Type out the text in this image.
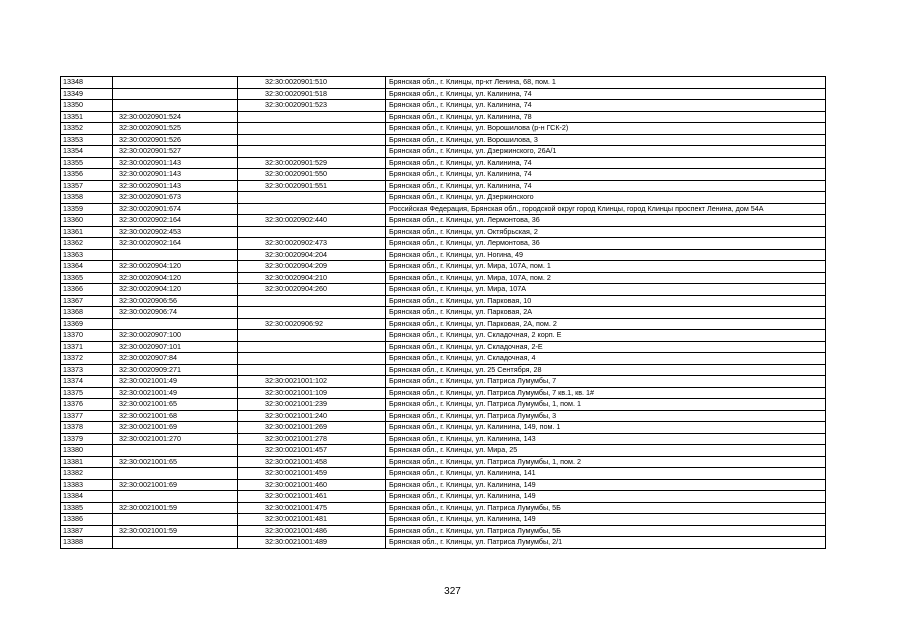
13348		32:30:0020901:510	Брянская обл., г. Клинцы, пр-кт Ленина, 68, пом. 1
13349		32:30:0020901:518	Брянская обл., г. Клинцы, ул. Калинина, 74
13350		32:30:0020901:523	Брянская обл., г. Клинцы, ул. Калинина, 74
13351	32:30:0020901:524		Брянская обл., г. Клинцы, ул. Калинина, 78
13352	32:30:0020901:525		Брянская обл., г. Клинцы, ул. Ворошилова (р-н ГСК-2)
13353	32:30:0020901:526		Брянская обл., г. Клинцы, ул. Ворошилова, 3
13354	32:30:0020901:527		Брянская обл., г. Клинцы, ул. Дзержинского, 26А/1
13355	32:30:0020901:143	32:30:0020901:529	Брянская обл., г. Клинцы, ул. Калинина, 74
13356	32:30:0020901:143	32:30:0020901:550	Брянская обл., г. Клинцы, ул. Калинина, 74
13357	32:30:0020901:143	32:30:0020901:551	Брянская обл., г. Клинцы, ул. Калинина, 74
13358	32:30:0020901:673		Брянская обл., г. Клинцы, ул. Дзержинского
13359	32:30:0020901:674		Российская Федерация, Брянская обл., городской округ город Клинцы, город Клинцы проспект Ленина, дом 54А
13360	32:30:0020902:164	32:30:0020902:440	Брянская обл., г. Клинцы, ул. Лермонтова, 36
13361	32:30:0020902:453		Брянская обл., г. Клинцы, ул. Октябрьская, 2
13362	32:30:0020902:164	32:30:0020902:473	Брянская обл., г. Клинцы, ул. Лермонтова, 36
13363		32:30:0020904:204	Брянская обл., г. Клинцы, ул. Ногина, 49
13364	32:30:0020904:120	32:30:0020904:209	Брянская обл., г. Клинцы, ул. Мира, 107А, пом. 1
13365	32:30:0020904:120	32:30:0020904:210	Брянская обл., г. Клинцы, ул. Мира, 107А, пом. 2
13366	32:30:0020904:120	32:30:0020904:260	Брянская обл., г. Клинцы, ул. Мира, 107А
13367	32:30:0020906:56		Брянская обл., г. Клинцы, ул. Парковая, 10
13368	32:30:0020906:74		Брянская обл., г. Клинцы, ул. Парковая, 2А
13369		32:30:0020906:92	Брянская обл., г. Клинцы, ул. Парковая, 2А, пом. 2
13370	32:30:0020907:100		Брянская обл., г. Клинцы, ул. Складочная, 2 корп. Е
13371	32:30:0020907:101		Брянская обл., г. Клинцы, ул. Складочная, 2-Е
13372	32:30:0020907:84		Брянская обл., г. Клинцы, ул. Складочная, 4
13373	32:30:0020909:271		Брянская обл., г. Клинцы, ул. 25 Сентября, 28
13374	32:30:0021001:49	32:30:0021001:102	Брянская обл., г. Клинцы, ул. Патриса Лумумбы, 7
13375	32:30:0021001:49	32:30:0021001:109	Брянская обл., г. Клинцы, ул. Патриса Лумумбы, 7 кв.1, кв. 1#
13376	32:30:0021001:65	32:30:0021001:239	Брянская обл., г. Клинцы, ул. Патриса Лумумбы, 1, пом. 1
13377	32:30:0021001:68	32:30:0021001:240	Брянская обл., г. Клинцы, ул. Патриса Лумумбы, 3
13378	32:30:0021001:69	32:30:0021001:269	Брянская обл., г. Клинцы, ул. Калинина, 149, пом. 1
13379	32:30:0021001:270	32:30:0021001:278	Брянская обл., г. Клинцы, ул. Калинина, 143
13380		32:30:0021001:457	Брянская обл., г. Клинцы, ул. Мира, 25
13381	32:30:0021001:65	32:30:0021001:458	Брянская обл., г. Клинцы, ул. Патриса Лумумбы, 1, пом. 2
13382		32:30:0021001:459	Брянская обл., г. Клинцы, ул. Калинина, 141
13383	32:30:0021001:69	32:30:0021001:460	Брянская обл., г. Клинцы, ул. Калинина, 149
13384		32:30:0021001:461	Брянская обл., г. Клинцы, ул. Калинина, 149
13385	32:30:0021001:59	32:30:0021001:475	Брянская обл., г. Клинцы, ул. Патриса Лумумбы, 5Б
13386		32:30:0021001:481	Брянская обл., г. Клинцы, ул. Калинина, 149
13387	32:30:0021001:59	32:30:0021001:486	Брянская обл., г. Клинцы, ул. Патриса Лумумбы, 5Б
13388		32:30:0021001:489	Брянская обл., г. Клинцы, ул. Патриса Лумумбы, 2/1
327
